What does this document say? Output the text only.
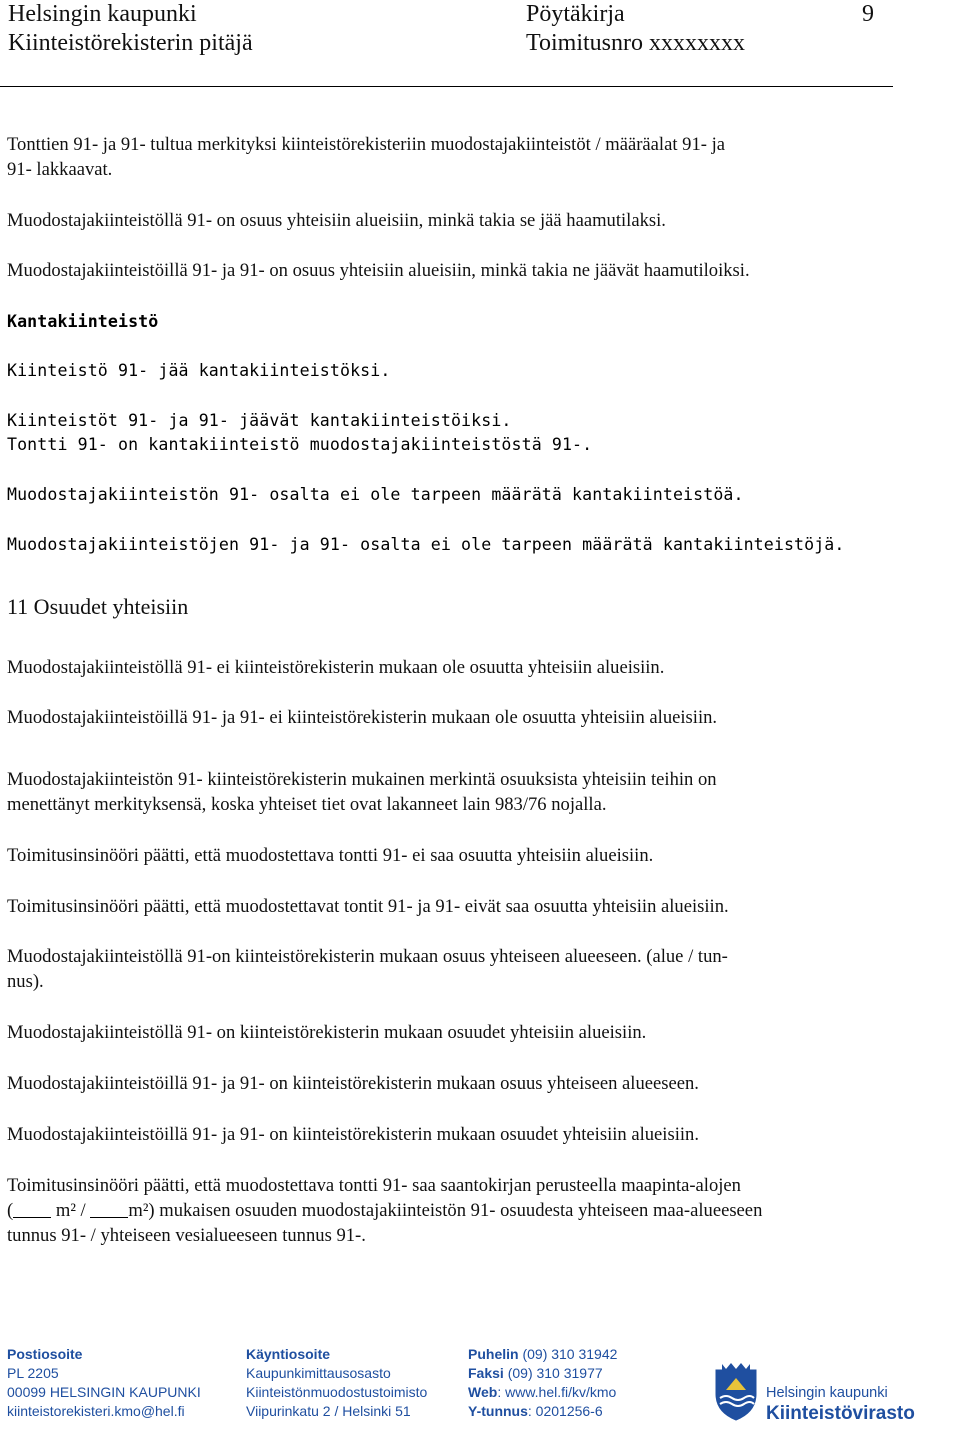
Helsingin kaupunki	Pöytäkirja	9
Kiinteistörekisterin pitäjä	Toimitusnro xxxxxxxx
Tonttien 91- ja 91- tultua merkityksi kiinteistörekisteriin muodostajakiinteistöt / määräalat 91- ja
91- lakkaavat.
Muodostajakiinteistöllä 91- on osuus yhteisiin alueisiin, minkä takia se jää haamutilaksi.
Muodostajakiinteistöillä 91- ja 91- on osuus yhteisiin alueisiin, minkä takia ne jäävät haamutiloiksi.
Kantakiinteistö
Kiinteistö 91- jää kantakiinteistöksi.
Kiinteistöt 91- ja 91- jäävät kantakiinteistöiksi.
Tontti 91- on kantakiinteistö muodostajakiinteistöstä 91-.
Muodostajakiinteistön 91- osalta ei ole tarpeen määrätä kantakiinteistöä.
Muodostajakiinteistöjen 91- ja 91- osalta ei ole tarpeen määrätä kantakiinteistöjä.
11 Osuudet yhteisiin
Muodostajakiinteistöllä 91- ei kiinteistörekisterin mukaan ole osuutta yhteisiin alueisiin.
Muodostajakiinteistöillä 91- ja 91- ei kiinteistörekisterin mukaan ole osuutta yhteisiin alueisiin.
Muodostajakiinteistön 91- kiinteistörekisterin mukainen merkintä osuuksista yhteisiin teihin on
menettänyt merkityksensä, koska yhteiset tiet ovat lakanneet lain 983/76 nojalla.
Toimitusinsinööri päätti, että muodostettava tontti 91- ei saa osuutta yhteisiin alueisiin.
Toimitusinsinööri päätti, että muodostettavat tontit 91- ja 91- eivät saa osuutta yhteisiin alueisiin.
Muodostajakiinteistöllä 91-on kiinteistörekisterin mukaan osuus yhteiseen alueeseen. (alue / tun-
nus).
Muodostajakiinteistöllä 91- on kiinteistörekisterin mukaan osuudet yhteisiin alueisiin.
Muodostajakiinteistöillä 91- ja 91- on kiinteistörekisterin mukaan osuus yhteiseen alueeseen.
Muodostajakiinteistöillä 91- ja 91- on kiinteistörekisterin mukaan osuudet yhteisiin alueisiin.
Toimitusinsinööri päätti, että muodostettava tontti 91- saa saantokirjan perusteella maapinta-alojen
( m² / m²) mukaisen osuuden muodostajakiinteistön 91- osuudesta yhteiseen maa-alueeseen
tunnus 91- / yhteiseen vesialueeseen tunnus 91-.
Postiosoite
PL 2205
00099 HELSINGIN KAUPUNKI
kiinteistorekisteri.kmo@hel.fi
Käyntiosoite
Kaupunkimittausosasto
Kiinteistönmuodostustoimisto
Viipurinkatu 2 / Helsinki 51
Puhelin (09) 310 31942
Faksi (09) 310 31977
Web: www.hel.fi/kv/kmo
Y-tunnus: 0201256-6
Helsingin kaupunki
Kiinteistövirasto
